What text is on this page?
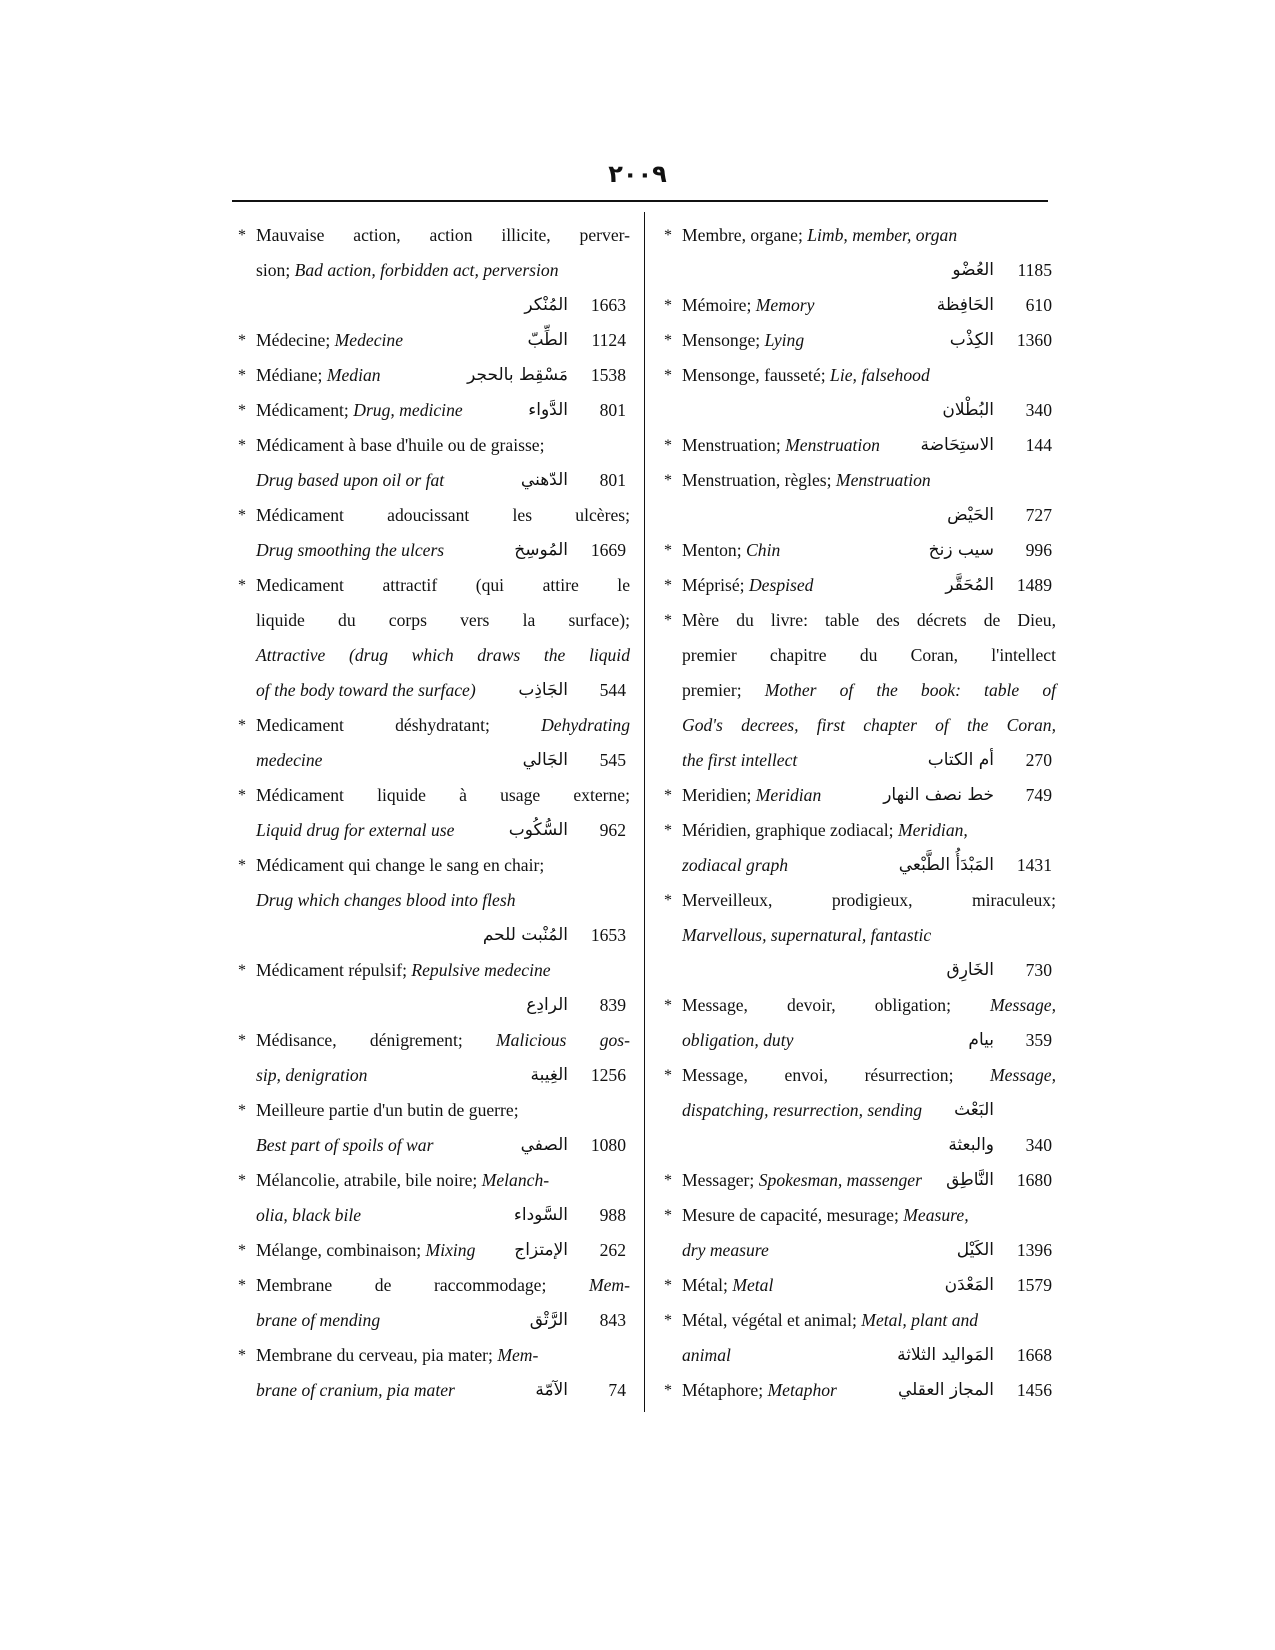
٢٠٠٩
* Mauvaise action, action illicite, perver-
sion; Bad action, forbidden act, perversion
المُنْكر	1663
* Médecine; Medecine	الطِّبّ	1124
* Médiane; Median	مَسْقِط بالحجر	1538
* Médicament; Drug, medicine	الدَّواء	801
* Médicament à base d'huile ou de graisse;
Drug based upon oil or fat	الدّهني	801
* Médicament adoucissant les ulcères;
Drug smoothing the ulcers	المُوسِخ	1669
* Medicament attractif (qui attire le
liquide du corps vers la surface);
Attractive (drug which draws the liquid
of the body toward the surface)	الجَاذِب	544
* Medicament déshydratant; Dehydrating
medecine	الجَالي	545
* Médicament liquide à usage externe;
Liquid drug for external use	السُّكُوب	962
* Médicament qui change le sang en chair;
Drug which changes blood into flesh
المُنْبت للحم	1653
* Médicament répulsif; Repulsive medecine
الرادِع	839
* Médisance, dénigrement; Malicious gos-
sip, denigration	الغِيبة	1256
* Meilleure partie d'un butin de guerre;
Best part of spoils of war	الصفي	1080
* Mélancolie, atrabile, bile noire; Melanch-
olia, black bile	السَّوداء	988
* Mélange, combinaison; Mixing	الإمتزاج	262
* Membrane de raccommodage; Mem-
brane of mending	الرَّتْق	843
* Membrane du cerveau, pia mater; Mem-
brane of cranium, pia mater	الآمّة	74
* Membre, organe; Limb, member, organ
العُضْو	1185
* Mémoire; Memory	الحَافِظة	610
* Mensonge; Lying	الكِذْب	1360
* Mensonge, fausseté; Lie, falsehood
البُطْلان	340
* Menstruation; Menstruation	الاستِحَاضة	144
* Menstruation, règles; Menstruation
الحَيْض	727
* Menton; Chin	سيب زنخ	996
* Méprisé; Despised	المُحَقَّر	1489
* Mère du livre: table des décrets de Dieu,
premier chapitre du Coran, l'intellect
premier; Mother of the book: table of
God's decrees, first chapter of the Coran,
the first intellect	أم الكتاب	270
* Meridien; Meridian	خط نصف النهار	749
* Méridien, graphique zodiacal; Meridian,
zodiacal graph	المَبْدَأُ الطَّبْعي	1431
* Merveilleux, prodigieux, miraculeux;
Marvellous, supernatural, fantastic
الخَارِق	730
* Message, devoir, obligation; Message,
obligation, duty	بيام	359
* Message, envoi, résurrection; Message,
dispatching, resurrection, sending	البَعْث
والبعثة	340
* Messager; Spokesman, massenger	النَّاطِق	1680
* Mesure de capacité, mesurage; Measure,
dry measure	الكَيْل	1396
* Métal; Metal	المَعْدَن	1579
* Métal, végétal et animal; Metal, plant and
animal	المَواليد الثلاثة	1668
* Métaphore; Metaphor	المجاز العقلي	1456
